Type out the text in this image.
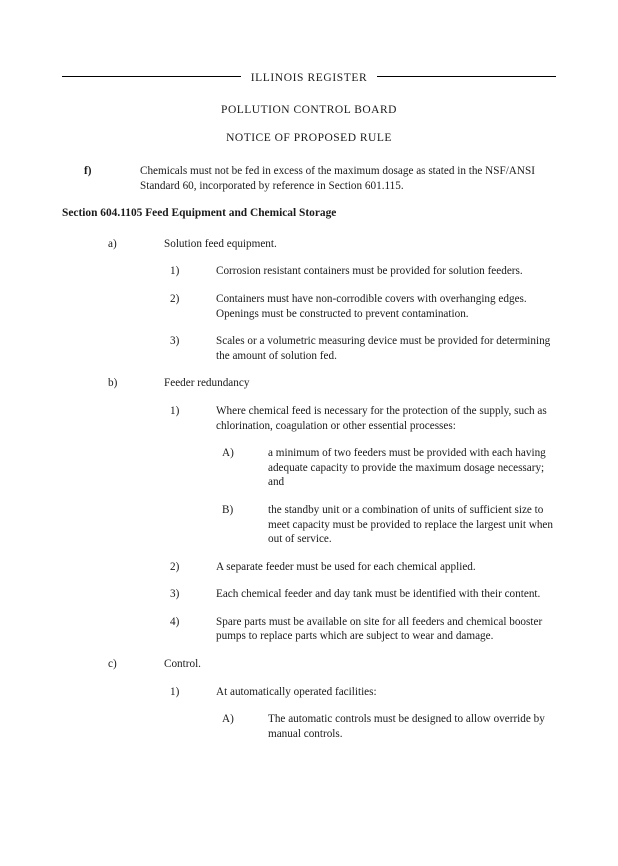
ILLINOIS REGISTER
POLLUTION CONTROL BOARD
NOTICE OF PROPOSED RULE
f)	Chemicals must not be fed in excess of the maximum dosage as stated in the NSF/ANSI Standard 60, incorporated by reference in Section 601.115.
Section 604.1105 Feed Equipment and Chemical Storage
a)	Solution feed equipment.
1)	Corrosion resistant containers must be provided for solution feeders.
2)	Containers must have non-corrodible covers with overhanging edges. Openings must be constructed to prevent contamination.
3)	Scales or a volumetric measuring device must be provided for determining the amount of solution fed.
b)	Feeder redundancy
1)	Where chemical feed is necessary for the protection of the supply, such as chlorination, coagulation or other essential processes:
A)	a minimum of two feeders must be provided with each having adequate capacity to provide the maximum dosage necessary; and
B)	the standby unit or a combination of units of sufficient size to meet capacity must be provided to replace the largest unit when out of service.
2)	A separate feeder must be used for each chemical applied.
3)	Each chemical feeder and day tank must be identified with their content.
4)	Spare parts must be available on site for all feeders and chemical booster pumps to replace parts which are subject to wear and damage.
c)	Control.
1)	At automatically operated facilities:
A)	The automatic controls must be designed to allow override by manual controls.
